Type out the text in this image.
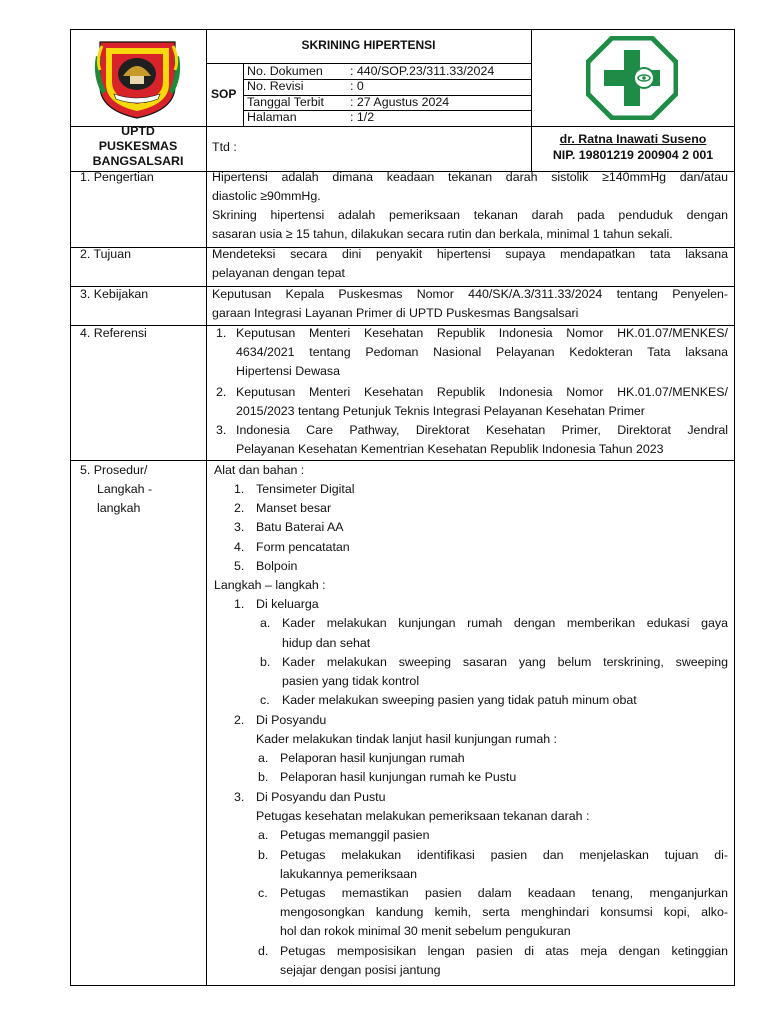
SKRINING HIPERTENSI
SOP
No. Dokumen : 440/SOP.23/311.33/2024
No. Revisi	: 0
Tanggal Terbit : 27 Agustus 2024
Halaman	: 1/2
UPTD
PUSKESMAS
BANGSALSARI
Ttd :
dr. Ratna Inawati Suseno
NIP. 19801219 200904 2 001
1. Pengertian	Hipertensi adalah dimana keadaan tekanan darah sistolik ≥140mmHg dan/atau
diastolic ≥90mmHg.
Skrining hipertensi adalah pemeriksaan tekanan darah pada penduduk dengan
sasaran usia ≥ 15 tahun, dilakukan secara rutin dan berkala, minimal 1 tahun sekali.
2. Tujuan	Mendeteksi secara dini penyakit hipertensi supaya mendapatkan tata laksana
pelayanan dengan tepat
3. Kebijakan	Keputusan Kepala Puskesmas Nomor 440/SK/A.3/311.33/2024 tentang Penyelen-
garaan Integrasi Layanan Primer di UPTD Puskesmas Bangsalsari
4. Referensi	1. Keputusan Menteri Kesehatan Republik Indonesia Nomor HK.01.07/MENKES/
4634/2021 tentang Pedoman Nasional Pelayanan Kedokteran Tata laksana
Hipertensi Dewasa
2. Keputusan Menteri Kesehatan Republik Indonesia Nomor HK.01.07/MENKES/
2015/2023 tentang Petunjuk Teknis Integrasi Pelayanan Kesehatan Primer
3. Indonesia Care Pathway, Direktorat Kesehatan Primer, Direktorat Jendral
Pelayanan Kesehatan Kementrian Kesehatan Republik Indonesia Tahun 2023
5. Prosedur/
Langkah -
langkah
Alat dan bahan :
1. Tensimeter Digital
2. Manset besar
3. Batu Baterai AA
4. Form pencatatan
5. Bolpoin
Langkah – langkah :
1. Di keluarga
a. Kader melakukan kunjungan rumah dengan memberikan edukasi gaya
hidup dan sehat
b. Kader melakukan sweeping sasaran yang belum terskrining, sweeping
pasien yang tidak kontrol
c. Kader melakukan sweeping pasien yang tidak patuh minum obat
2. Di Posyandu
Kader melakukan tindak lanjut hasil kunjungan rumah :
a. Pelaporan hasil kunjungan rumah
b. Pelaporan hasil kunjungan rumah ke Pustu
3. Di Posyandu dan Pustu
Petugas kesehatan melakukan pemeriksaan tekanan darah :
a. Petugas memanggil pasien
b. Petugas melakukan identifikasi pasien dan menjelaskan tujuan di-
lakukannya pemeriksaan
c. Petugas memastikan pasien dalam keadaan tenang, menganjurkan
mengosongkan kandung kemih, serta menghindari konsumsi kopi, alko-
hol dan rokok minimal 30 menit sebelum pengukuran
d. Petugas memposisikan lengan pasien di atas meja dengan ketinggian
sejajar dengan posisi jantung
